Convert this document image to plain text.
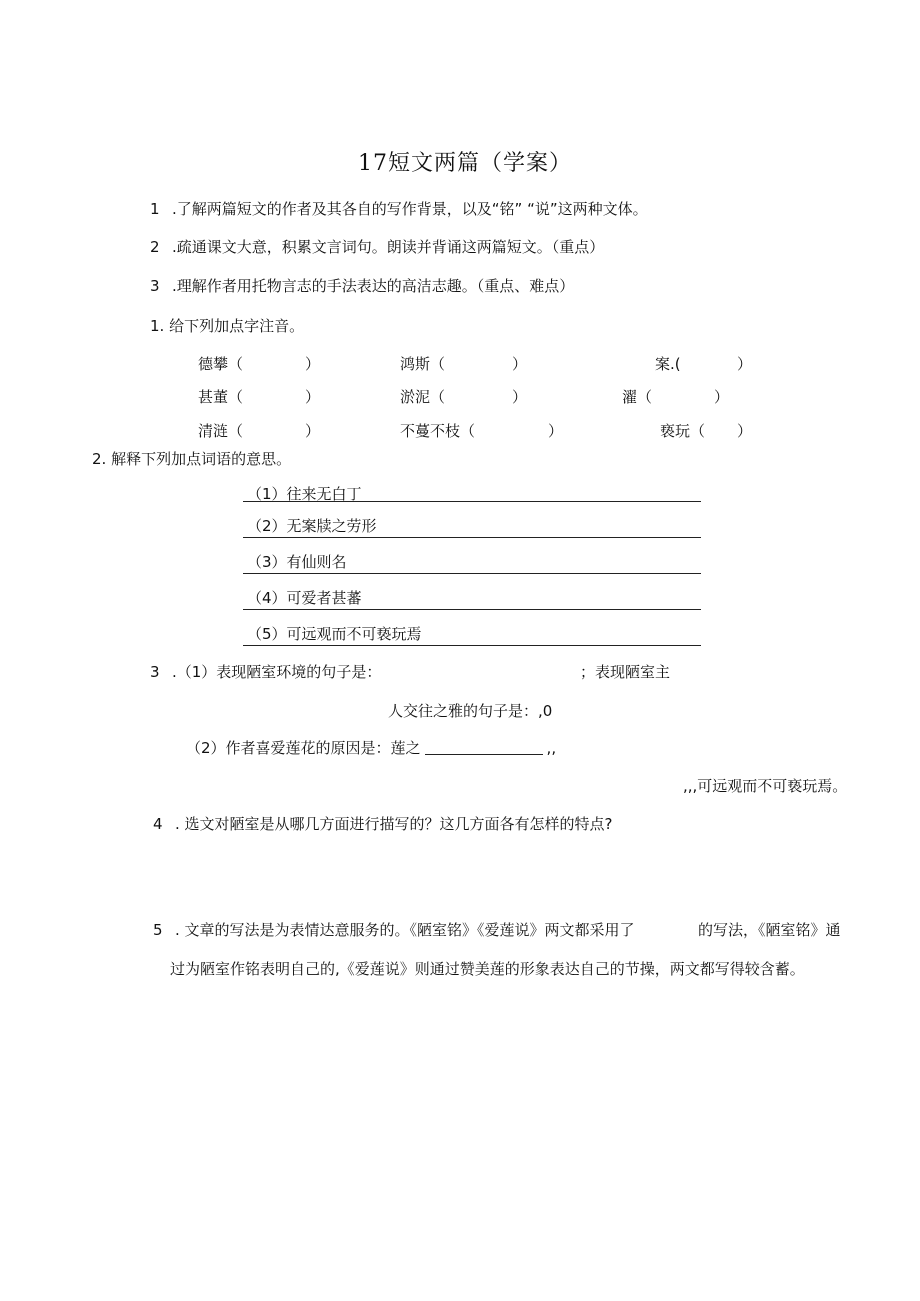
17短文两篇（学案）
1 .了解两篇短文的作者及其各自的写作背景，以及“铭” “说”这两种文体。
2 .疏通课文大意，积累文言词句。朗读并背诵这两篇短文。（重点）
3 .理解作者用托物言志的手法表达的高洁志趣。（重点、难点）
1. 给下列加点字注音。
德攀（	）	鸿斯（	）	案.(	）
甚董（	）	淤泥（	）	濯（	）
清涟（	）	不蔓不枝（	）	亵玩（ ）
2. 解释下列加点词语的意思。
（1）往来无白丁
（2）无案牍之劳形
（3）有仙则名
（4）可爱者甚蕃
（5）可远观而不可亵玩焉
3 .（1）表现陋室环境的句子是：	；表现陋室主
人交往之雅的句子是：,0
（2）作者喜爱莲花的原因是：莲之	,,
,,,可远观而不可亵玩焉。
4 . 选文对陋室是从哪几方面进行描写的？这几方面各有怎样的特点?
5 . 文章的写法是为表情达意服务的。《陋室铭》《爱莲说》两文都采用了	的写法，《陋室铭》通
过为陋室作铭表明自己的,《爱莲说》则通过赞美莲的形象表达自己的节操，两文都写得较含蓄。
